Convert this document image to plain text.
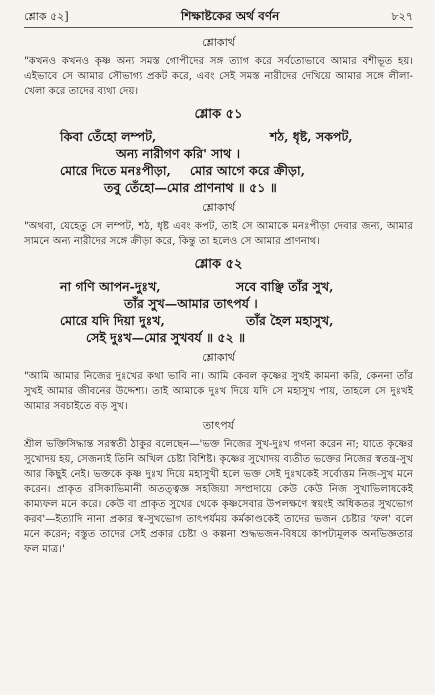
শ্লোক ৫২]	শিক্ষাষ্টকের অর্থ বর্ণন	৮২৭
শ্লোকার্থ

"কখনও কখনও কৃষ্ণ অন্য সমস্ত গোপীদের সঙ্গ ত্যাগ করে সর্বতোভাবে আমার বশীভূত হয়। এইভাবে সে আমার সৌভাগ্য প্রকট করে, এবং সেই সমস্ত নারীদের দেখিয়ে আমার সঙ্গে লীলা-খেলা করে তাদের ব্যথা দেয়।

শ্লোক ৫১
কিবা তেঁহো লম্পট,	শঠ, ধৃষ্ট, সকপট,
অন্য নারীগণ করি' সাথ ।
মোরে দিতে মনঃপীড়া,	মোর আগে করে ক্রীড়া,
তবু তেঁহো—মোর প্রাণনাথ ॥ ৫১ ॥
শ্লোকার্থ

"অথবা, যেহেতু সে লম্পট, শঠ, ধৃষ্ট এবং কপট, তাই সে আমাকে মনঃপীড়া দেবার জন্য, আমার সামনে অন্য নারীদের সঙ্গে ক্রীড়া করে, কিন্তু তা হলেও সে আমার প্রাণনাথ।

শ্লোক ৫২
না গণি আপন-দুঃখ,	সবে বাঞ্ছি তাঁর সুখ,
তাঁর সুখ—আমার তাৎপর্য ।
মোরে যদি দিয়া দুঃখ,	তাঁর হৈল মহাসুখ,
সেই দুঃখ—মোর সুখবর্য ॥ ৫২ ॥
শ্লোকার্থ

"আমি আমার নিজের দুঃখের কথা ভাবি না। আমি কেবল কৃষ্ণের সুখই কামনা করি, কেননা তাঁর সুখই আমার জীবনের উদ্দেশ্য। তাই আমাকে দুঃখ দিয়ে যদি সে মহাসুখ পায়, তাহলে সে দুঃখই আমার সবচাইতে বড় সুখ।

তাৎপর্য

শ্রীল ভক্তিসিদ্ধান্ত সরস্বতী ঠাকুর বলেছেন—'ভক্ত নিজের সুখ-দুঃখ গণনা করেন না; যাতে কৃষ্ণের সুখোদয় হয়, সেজন্যই তিনি অখিল চেষ্টা বিশিষ্ট। কৃষ্ণের সুখোদয় ব্যতীত ভক্তের নিজের স্বতন্ত্র-সুখ আর কিছুই নেই। ভক্তকে কৃষ্ণ দুঃখ দিয়ে মহাসুখী হলে ভক্ত সেই দুঃখকেই সর্বোত্তম নিজ-সুখ মনে করেন। প্রাকৃত রসিকাভিমানী অতত্ত্বজ্ঞ সহজিয়া সম্প্রদায়ে কেউ কেউ নিজ সুখাভিলাষকেই কাম্যফল মনে করে। কেউ বা প্রাকৃত সুখের থেকে কৃষ্ণসেবার উপলক্ষণে স্বয়ংই অধিকতর সুখভোগ করব'—ইত্যাদি নানা প্রকার স্ব-সুখভোগ তাৎপর্যময় কর্মকাণ্ডকেই তাদের ভজন চেষ্টার 'ফল' বলে মনে করেন; বস্তুত তাদের সেই প্রকার চেষ্টা ও কল্পনা শুদ্ধভজন-বিষয়ে কাপট্যমূলক অনভিজ্ঞতার ফল মাত্র।'
